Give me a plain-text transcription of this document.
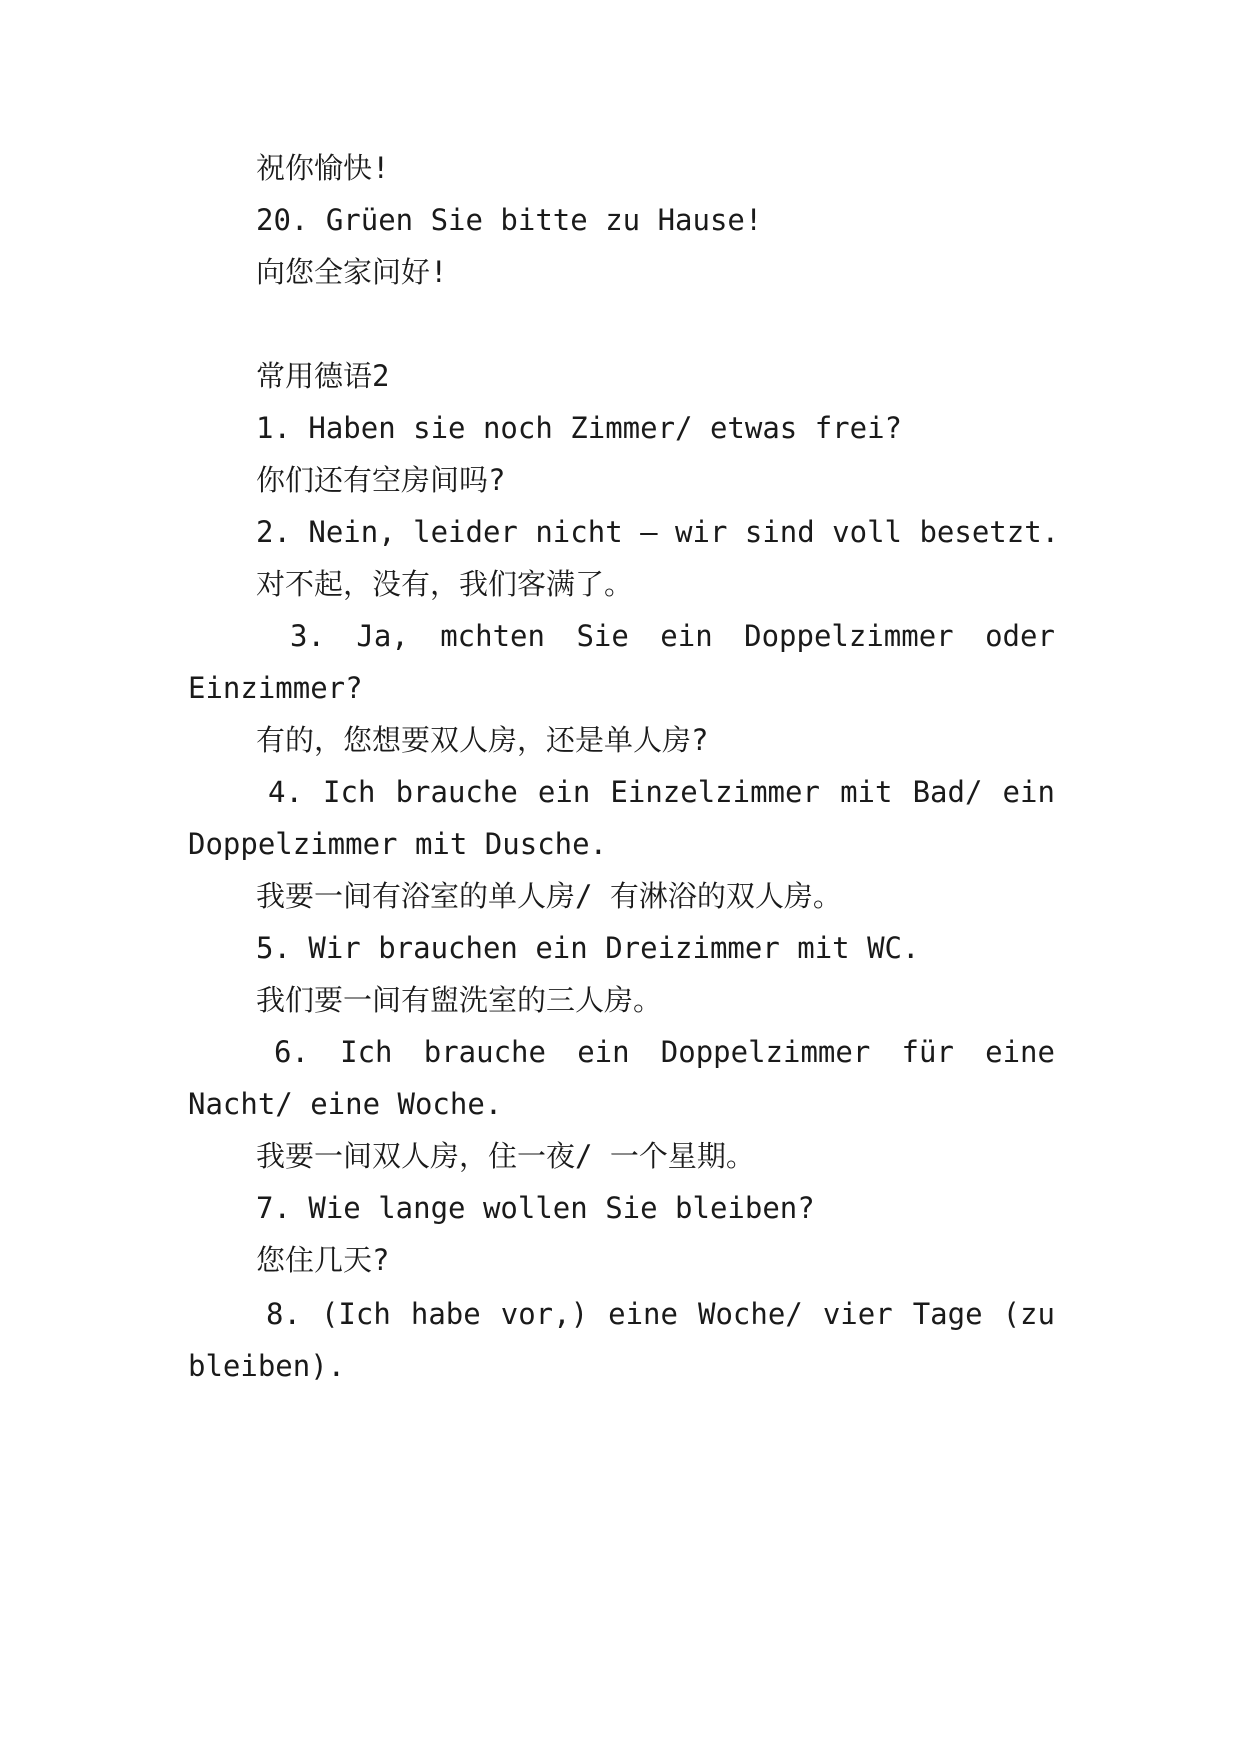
祝你愉快!
20. Grüen Sie bitte zu Hause!
向您全家问好!
常用德语2
1. Haben sie noch Zimmer/ etwas frei?
你们还有空房间吗?
2. Nein, leider nicht – wir sind voll besetzt.
对不起，没有，我们客满了。
3. Ja, mchten Sie ein Doppelzimmer oder
Einzimmer?
有的，您想要双人房，还是单人房?
4. Ich brauche ein Einzelzimmer mit Bad/ ein
Doppelzimmer mit Dusche.
我要一间有浴室的单人房/ 有淋浴的双人房。
5. Wir brauchen ein Dreizimmer mit WC.
我们要一间有盥洗室的三人房。
6. Ich brauche ein Doppelzimmer für eine
Nacht/ eine Woche.
我要一间双人房，住一夜/ 一个星期。
7. Wie lange wollen Sie bleiben?
您住几天?
8. (Ich habe vor,) eine Woche/ vier Tage (zu
bleiben).
